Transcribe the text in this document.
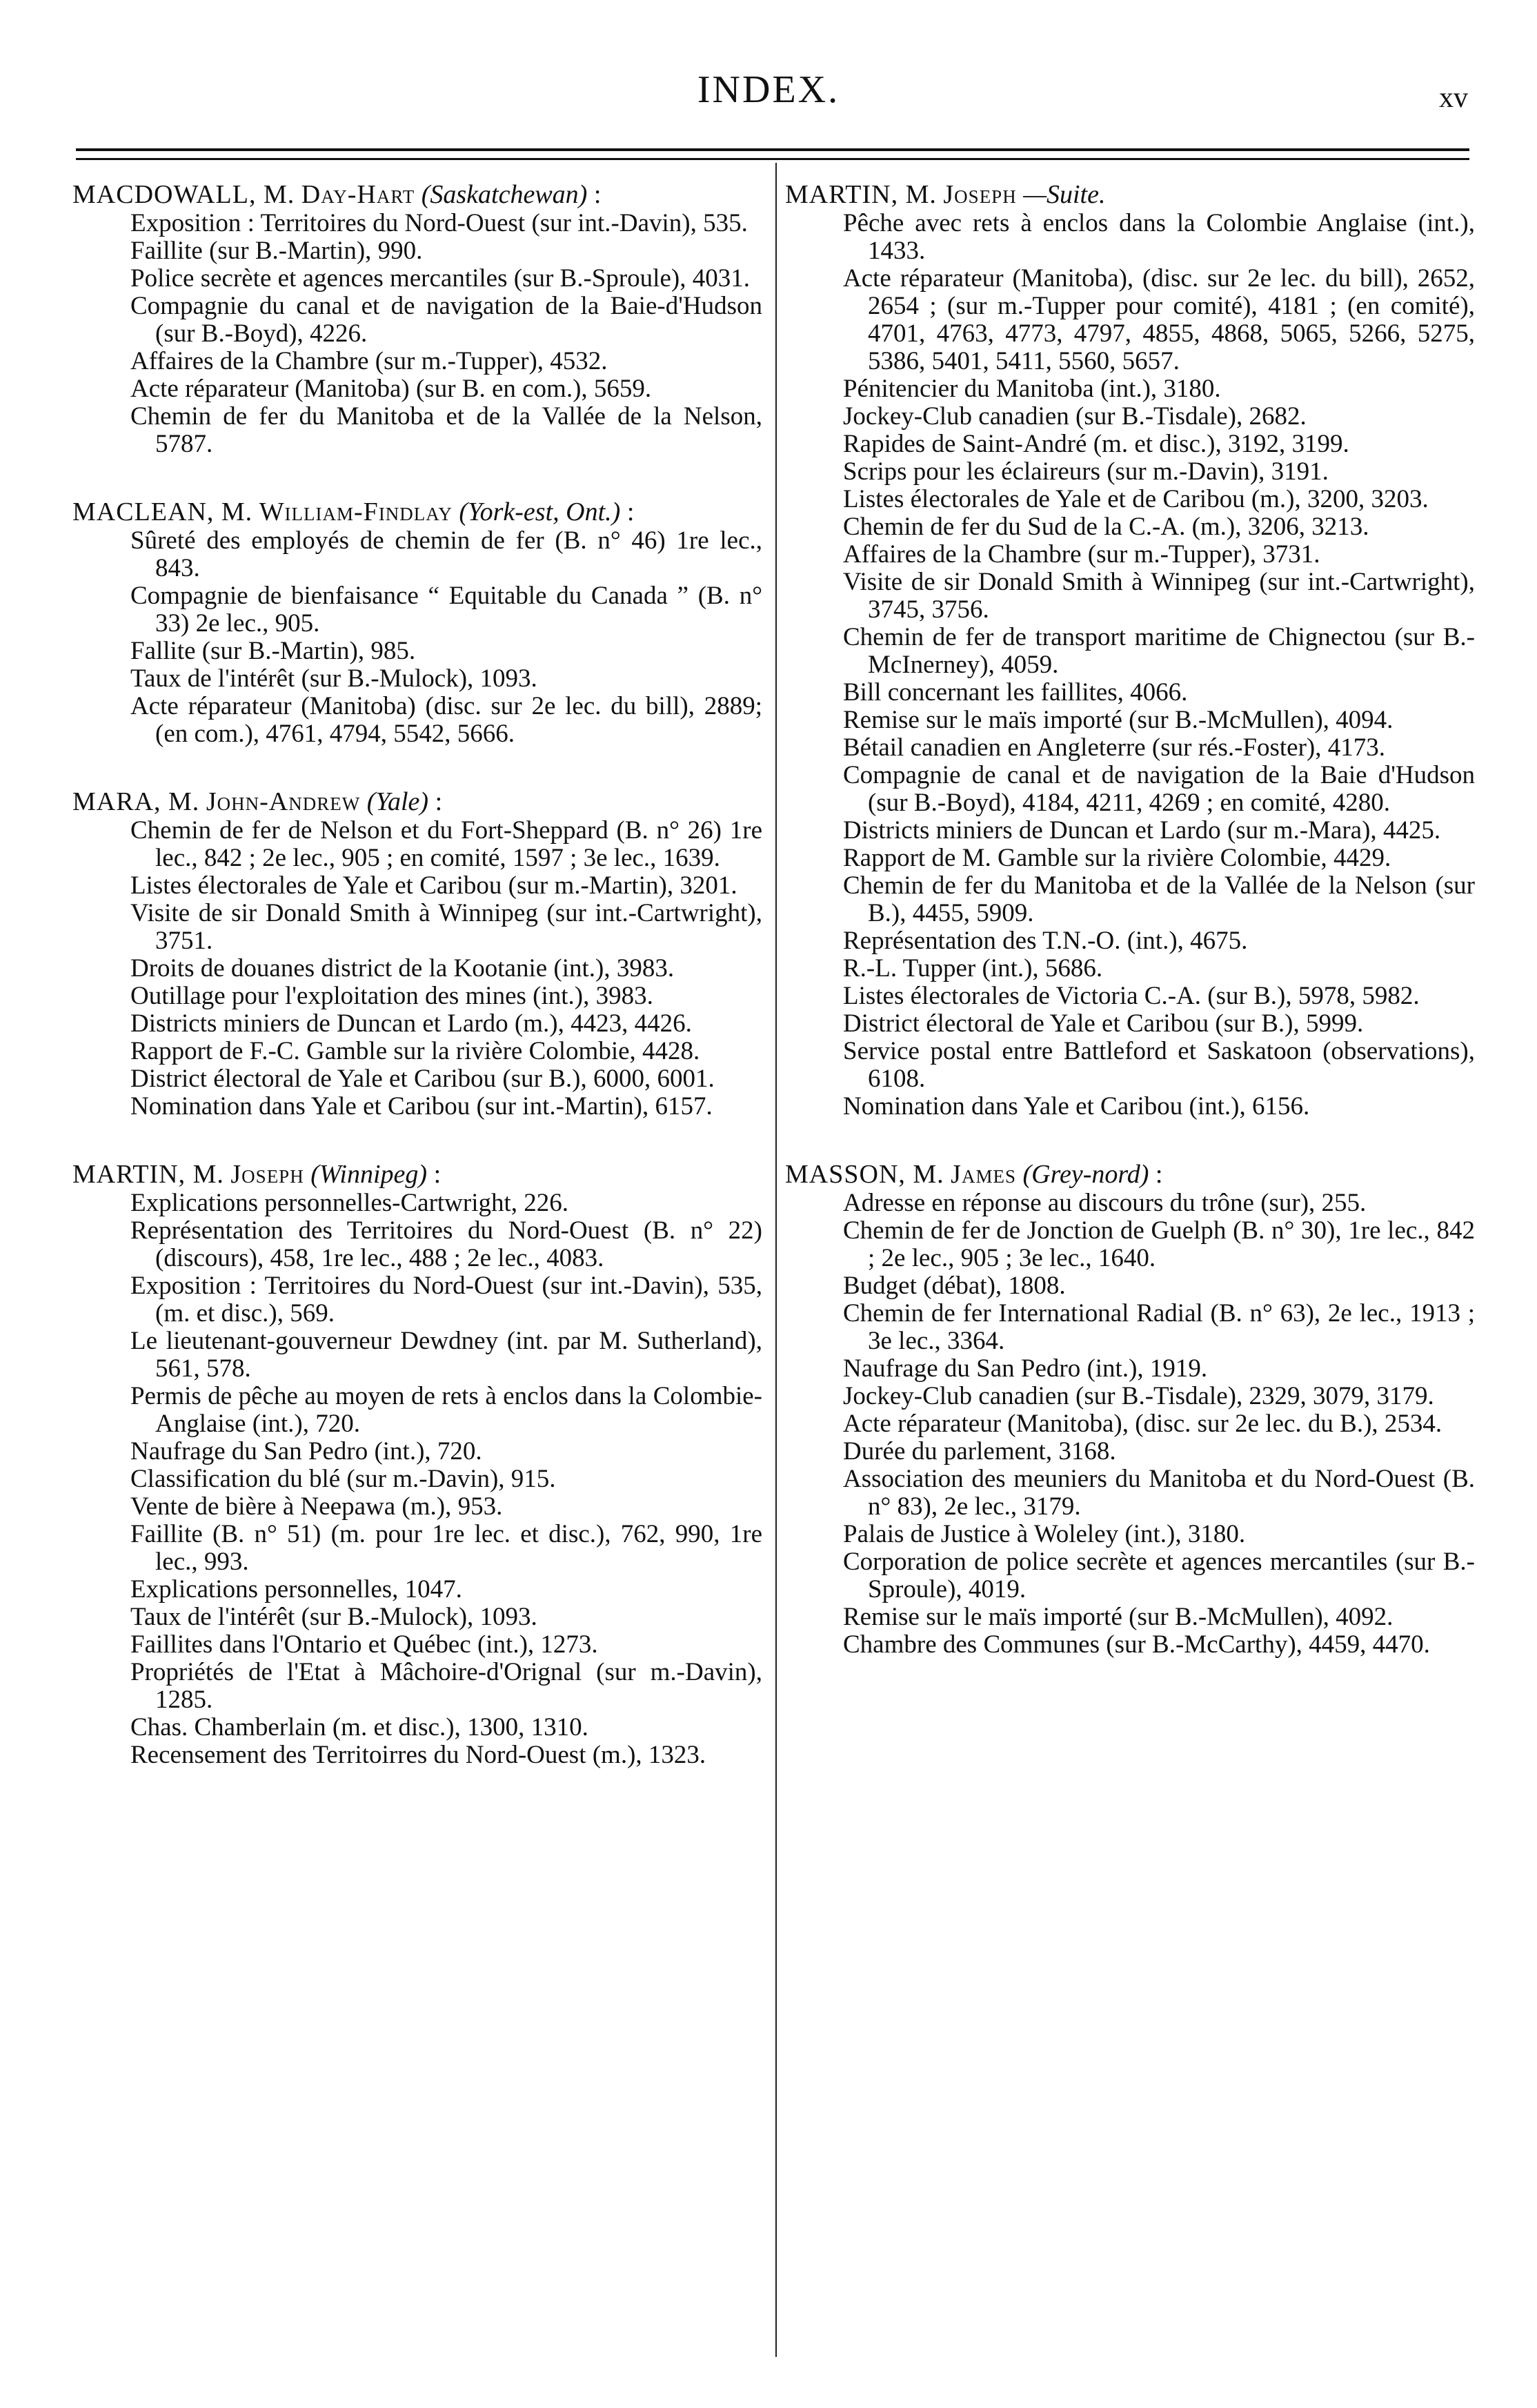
INDEX.	xv
MACDOWALL, M. Day-Hart (Saskatchewan) :
Exposition : Territoires du Nord-Ouest (sur int.-Davin), 535.
Faillite (sur B.-Martin), 990.
Police secrète et agences mercantiles (sur B.-Sproule), 4031.
Compagnie du canal et de navigation de la Baie-d'Hudson (sur B.-Boyd), 4226.
Affaires de la Chambre (sur m.-Tupper), 4532.
Acte réparateur (Manitoba) (sur B. en com.), 5659.
Chemin de fer du Manitoba et de la Vallée de la Nelson, 5787.
MACLEAN, M. William-Findlay (York-est, Ont.) :
Sûreté des employés de chemin de fer (B. n° 46) 1re lec., 843.
Compagnie de bienfaisance “ Equitable du Canada ” (B. n° 33) 2e lec., 905.
Fallite (sur B.-Martin), 985.
Taux de l'intérêt (sur B.-Mulock), 1093.
Acte réparateur (Manitoba) (disc. sur 2e lec. du bill), 2889; (en com.), 4761, 4794, 5542, 5666.
MARA, M. John-Andrew (Yale) :
Chemin de fer de Nelson et du Fort-Sheppard (B. n° 26) 1re lec., 842 ; 2e lec., 905 ; en comité, 1597 ; 3e lec., 1639.
Listes électorales de Yale et Caribou (sur m.-Martin), 3201.
Visite de sir Donald Smith à Winnipeg (sur int.-Cartwright), 3751.
Droits de douanes district de la Kootanie (int.), 3983.
Outillage pour l'exploitation des mines (int.), 3983.
Districts miniers de Duncan et Lardo (m.), 4423, 4426.
Rapport de F.-C. Gamble sur la rivière Colombie, 4428.
District électoral de Yale et Caribou (sur B.), 6000, 6001.
Nomination dans Yale et Caribou (sur int.-Martin), 6157.
MARTIN, M. Joseph (Winnipeg) :
Explications personnelles-Cartwright, 226.
Représentation des Territoires du Nord-Ouest (B. n° 22) (discours), 458, 1re lec., 488 ; 2e lec., 4083.
Exposition : Territoires du Nord-Ouest (sur int.-Davin), 535, (m. et disc.), 569.
Le lieutenant-gouverneur Dewdney (int. par M. Sutherland), 561, 578.
Permis de pêche au moyen de rets à enclos dans la Colombie-Anglaise (int.), 720.
Naufrage du San Pedro (int.), 720.
Classification du blé (sur m.-Davin), 915.
Vente de bière à Neepawa (m.), 953.
Faillite (B. n° 51) (m. pour 1re lec. et disc.), 762, 990, 1re lec., 993.
Explications personnelles, 1047.
Taux de l'intérêt (sur B.-Mulock), 1093.
Faillites dans l'Ontario et Québec (int.), 1273.
Propriétés de l'Etat à Mâchoire-d'Orignal (sur m.-Davin), 1285.
Chas. Chamberlain (m. et disc.), 1300, 1310.
Recensement des Territoirres du Nord-Ouest (m.), 1323.
MARTIN, M. Joseph —Suite.
Pêche avec rets à enclos dans la Colombie Anglaise (int.), 1433.
Acte réparateur (Manitoba), (disc. sur 2e lec. du bill), 2652, 2654 ; (sur m.-Tupper pour comité), 4181 ; (en comité), 4701, 4763, 4773, 4797, 4855, 4868, 5065, 5266, 5275, 5386, 5401, 5411, 5560, 5657.
Pénitencier du Manitoba (int.), 3180.
Jockey-Club canadien (sur B.-Tisdale), 2682.
Rapides de Saint-André (m. et disc.), 3192, 3199.
Scrips pour les éclaireurs (sur m.-Davin), 3191.
Listes électorales de Yale et de Caribou (m.), 3200, 3203.
Chemin de fer du Sud de la C.-A. (m.), 3206, 3213.
Affaires de la Chambre (sur m.-Tupper), 3731.
Visite de sir Donald Smith à Winnipeg (sur int.-Cartwright), 3745, 3756.
Chemin de fer de transport maritime de Chignectou (sur B.-McInerney), 4059.
Bill concernant les faillites, 4066.
Remise sur le maïs importé (sur B.-McMullen), 4094.
Bétail canadien en Angleterre (sur rés.-Foster), 4173.
Compagnie de canal et de navigation de la Baie d'Hudson (sur B.-Boyd), 4184, 4211, 4269 ; en comité, 4280.
Districts miniers de Duncan et Lardo (sur m.-Mara), 4425.
Rapport de M. Gamble sur la rivière Colombie, 4429.
Chemin de fer du Manitoba et de la Vallée de la Nelson (sur B.), 4455, 5909.
Représentation des T.N.-O. (int.), 4675.
R.-L. Tupper (int.), 5686.
Listes électorales de Victoria C.-A. (sur B.), 5978, 5982.
District électoral de Yale et Caribou (sur B.), 5999.
Service postal entre Battleford et Saskatoon (observations), 6108.
Nomination dans Yale et Caribou (int.), 6156.
MASSON, M. James (Grey-nord) :
Adresse en réponse au discours du trône (sur), 255.
Chemin de fer de Jonction de Guelph (B. n° 30), 1re lec., 842 ; 2e lec., 905 ; 3e lec., 1640.
Budget (débat), 1808.
Chemin de fer International Radial (B. n° 63), 2e lec., 1913 ; 3e lec., 3364.
Naufrage du San Pedro (int.), 1919.
Jockey-Club canadien (sur B.-Tisdale), 2329, 3079, 3179.
Acte réparateur (Manitoba), (disc. sur 2e lec. du B.), 2534.
Durée du parlement, 3168.
Association des meuniers du Manitoba et du Nord-Ouest (B. n° 83), 2e lec., 3179.
Palais de Justice à Woleley (int.), 3180.
Corporation de police secrète et agences mercantiles (sur B.-Sproule), 4019.
Remise sur le maïs importé (sur B.-McMullen), 4092.
Chambre des Communes (sur B.-McCarthy), 4459, 4470.
